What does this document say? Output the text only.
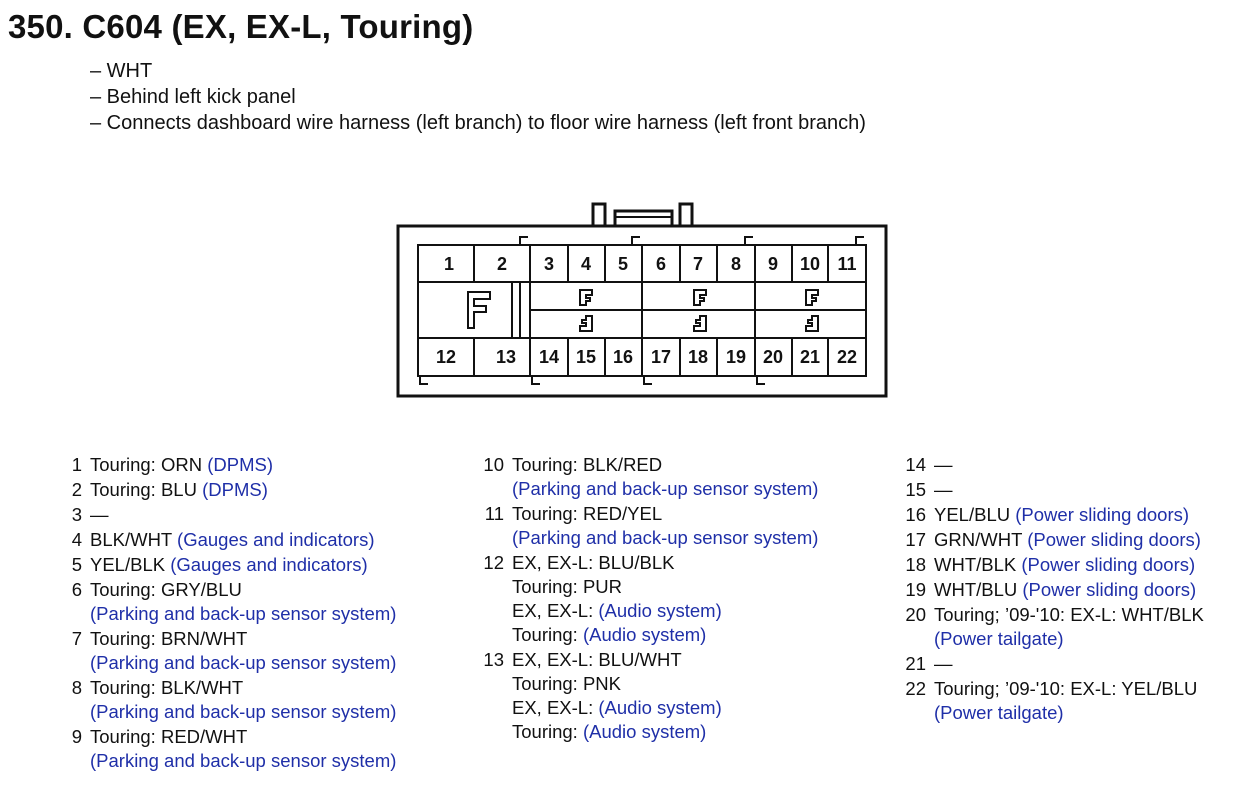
350. C604 (EX, EX-L, Touring)
– WHT
– Behind left kick panel
– Connects dashboard wire harness (left branch) to floor wire harness (left front branch)
1 2 3 4 5 6 7 8 9 10 11
12 13 14 15 16 17 18 19 20 21 22
1 Touring: ORN (DPMS)
2 Touring: BLU (DPMS)
3 —
4 BLK/WHT (Gauges and indicators)
5 YEL/BLK (Gauges and indicators)
6 Touring: GRY/BLU
(Parking and back-up sensor system)
7 Touring: BRN/WHT
(Parking and back-up sensor system)
8 Touring: BLK/WHT
(Parking and back-up sensor system)
9 Touring: RED/WHT
(Parking and back-up sensor system)
10 Touring: BLK/RED
(Parking and back-up sensor system)
11 Touring: RED/YEL
(Parking and back-up sensor system)
12 EX, EX-L: BLU/BLK
Touring: PUR
EX, EX-L: (Audio system)
Touring: (Audio system)
13 EX, EX-L: BLU/WHT
Touring: PNK
EX, EX-L: (Audio system)
Touring: (Audio system)
14 —
15 —
16 YEL/BLU (Power sliding doors)
17 GRN/WHT (Power sliding doors)
18 WHT/BLK (Power sliding doors)
19 WHT/BLU (Power sliding doors)
20 Touring; ’09-'10: EX-L: WHT/BLK
(Power tailgate)
21 —
22 Touring; ’09-'10: EX-L: YEL/BLU
(Power tailgate)
